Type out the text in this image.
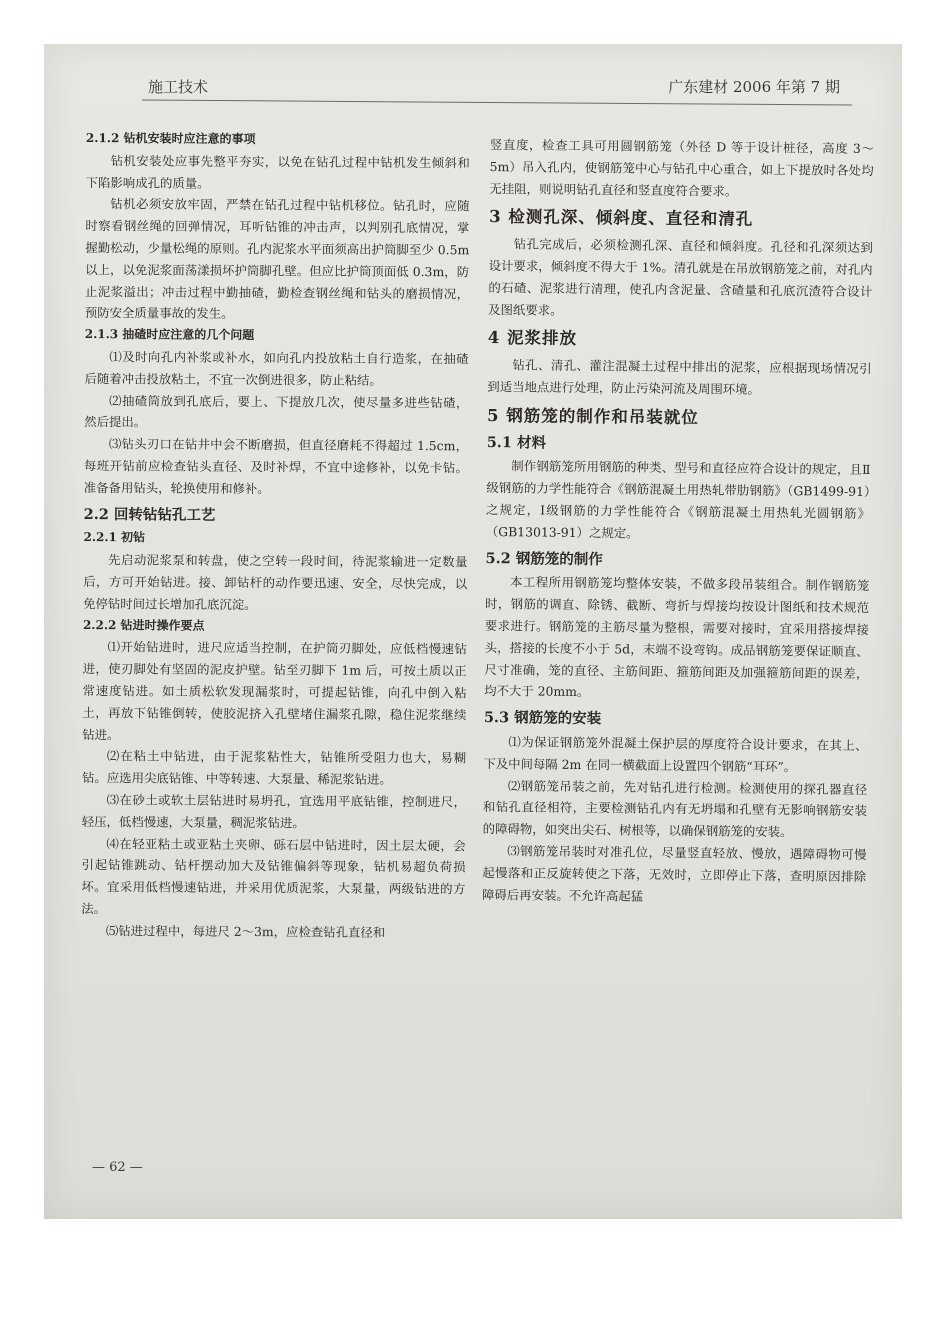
施工技术	广东建材 2006 年第 7 期
2.1.2 钻机安装时应注意的事项

钻机安装处应事先整平夯实，以免在钻孔过程中钻机发生倾斜和下陷影响成孔的质量。

钻机必须安放牢固，严禁在钻孔过程中钻机移位。钻孔时，应随时察看钢丝绳的回弹情况，耳听钻锥的冲击声，以判别孔底情况，掌握勤松动，少量松绳的原则。孔内泥浆水平面须高出护筒脚至少 0.5m 以上，以免泥浆面荡漾损坏护筒脚孔壁。但应比护筒顶面低 0.3m，防止泥浆溢出；冲击过程中勤抽碴，勤检查钢丝绳和钻头的磨损情况，预防安全质量事故的发生。

2.1.3 抽碴时应注意的几个问题

⑴及时向孔内补浆或补水，如向孔内投放粘土自行造浆，在抽碴后随着冲击投放粘土，不宜一次倒进很多，防止粘结。

⑵抽碴筒放到孔底后，要上、下提放几次，使尽量多进些钻碴，然后提出。

⑶钻头刃口在钻井中会不断磨损，但直径磨耗不得超过 1.5cm，每班开钻前应检查钻头直径、及时补焊，不宜中途修补，以免卡钻。准备备用钻头，轮换使用和修补。

2.2 回转钻钻孔工艺
2.2.1 初钻

先启动泥浆泵和转盘，使之空转一段时间，待泥浆输进一定数量后，方可开始钻进。接、卸钻杆的动作要迅速、安全，尽快完成，以免停钻时间过长增加孔底沉淀。

2.2.2 钻进时操作要点

⑴开始钻进时，进尺应适当控制，在护筒刃脚处，应低档慢速钻进，使刃脚处有坚固的泥皮护壁。钻至刃脚下 1m 后，可按土质以正常速度钻进。如土质松软发现漏浆时，可提起钻锥，向孔中倒入粘土，再放下钻锥倒转，使胶泥挤入孔壁堵住漏浆孔隙，稳住泥浆继续钻进。

⑵在粘土中钻进，由于泥浆粘性大，钻锥所受阻力也大，易糊钻。应选用尖底钻锥、中等转速、大泵量、稀泥浆钻进。

⑶在砂土或软土层钻进时易坍孔，宜选用平底钻锥，控制进尺，轻压，低档慢速，大泵量，稠泥浆钻进。

⑷在轻亚粘土或亚粘土夹卵、砾石层中钻进时，因土层太硬，会引起钻锥跳动、钻杆摆动加大及钻锥偏斜等现象，钻机易超负荷损坏。宜采用低档慢速钻进，并采用优质泥浆，大泵量，两级钻进的方法。

⑸钻进过程中，每进尺 2～3m，应检查钻孔直径和

竖直度，检查工具可用圆钢筋笼（外径 D 等于设计桩径，高度 3～5m）吊入孔内，使钢筋笼中心与钻孔中心重合，如上下提放时各处均无挂阻，则说明钻孔直径和竖直度符合要求。

3 检测孔深、倾斜度、直径和清孔

钻孔完成后，必须检测孔深、直径和倾斜度。孔径和孔深须达到设计要求，倾斜度不得大于 1%。清孔就是在吊放钢筋笼之前，对孔内的石碴、泥浆进行清理，使孔内含泥量、含碴量和孔底沉渣符合设计及图纸要求。

4 泥浆排放

钻孔、清孔、灌注混凝土过程中排出的泥浆，应根据现场情况引到适当地点进行处理，防止污染河流及周围环境。

5 钢筋笼的制作和吊装就位
5.1 材料

制作钢筋笼所用钢筋的种类、型号和直径应符合设计的规定，且Ⅱ级钢筋的力学性能符合《钢筋混凝土用热轧带肋钢筋》（GB1499-91）之规定，Ⅰ级钢筋的力学性能符合《钢筋混凝土用热轧光圆钢筋》（GB13013-91）之规定。

5.2 钢筋笼的制作

本工程所用钢筋笼均整体安装，不做多段吊装组合。制作钢筋笼时，钢筋的调直、除锈、截断、弯折与焊接均按设计图纸和技术规范要求进行。钢筋笼的主筋尽量为整根，需要对接时，宜采用搭接焊接头，搭接的长度不小于 5d，末端不设弯钩。成品钢筋笼要保证顺直、尺寸准确，笼的直径、主筋间距、箍筋间距及加强箍筋间距的误差，均不大于 20mm。

5.3 钢筋笼的安装

⑴为保证钢筋笼外混凝土保护层的厚度符合设计要求，在其上、下及中间每隔 2m 在同一横截面上设置四个钢筋“耳环”。

⑵钢筋笼吊装之前，先对钻孔进行检测。检测使用的探孔器直径和钻孔直径相符，主要检测钻孔内有无坍塌和孔壁有无影响钢筋安装的障碍物，如突出尖石、树根等，以确保钢筋笼的安装。

⑶钢筋笼吊装时对准孔位，尽量竖直轻放、慢放，遇障碍物可慢起慢落和正反旋转使之下落，无效时，立即停止下落，查明原因排除障碍后再安装。不允许高起猛

— 62 —
